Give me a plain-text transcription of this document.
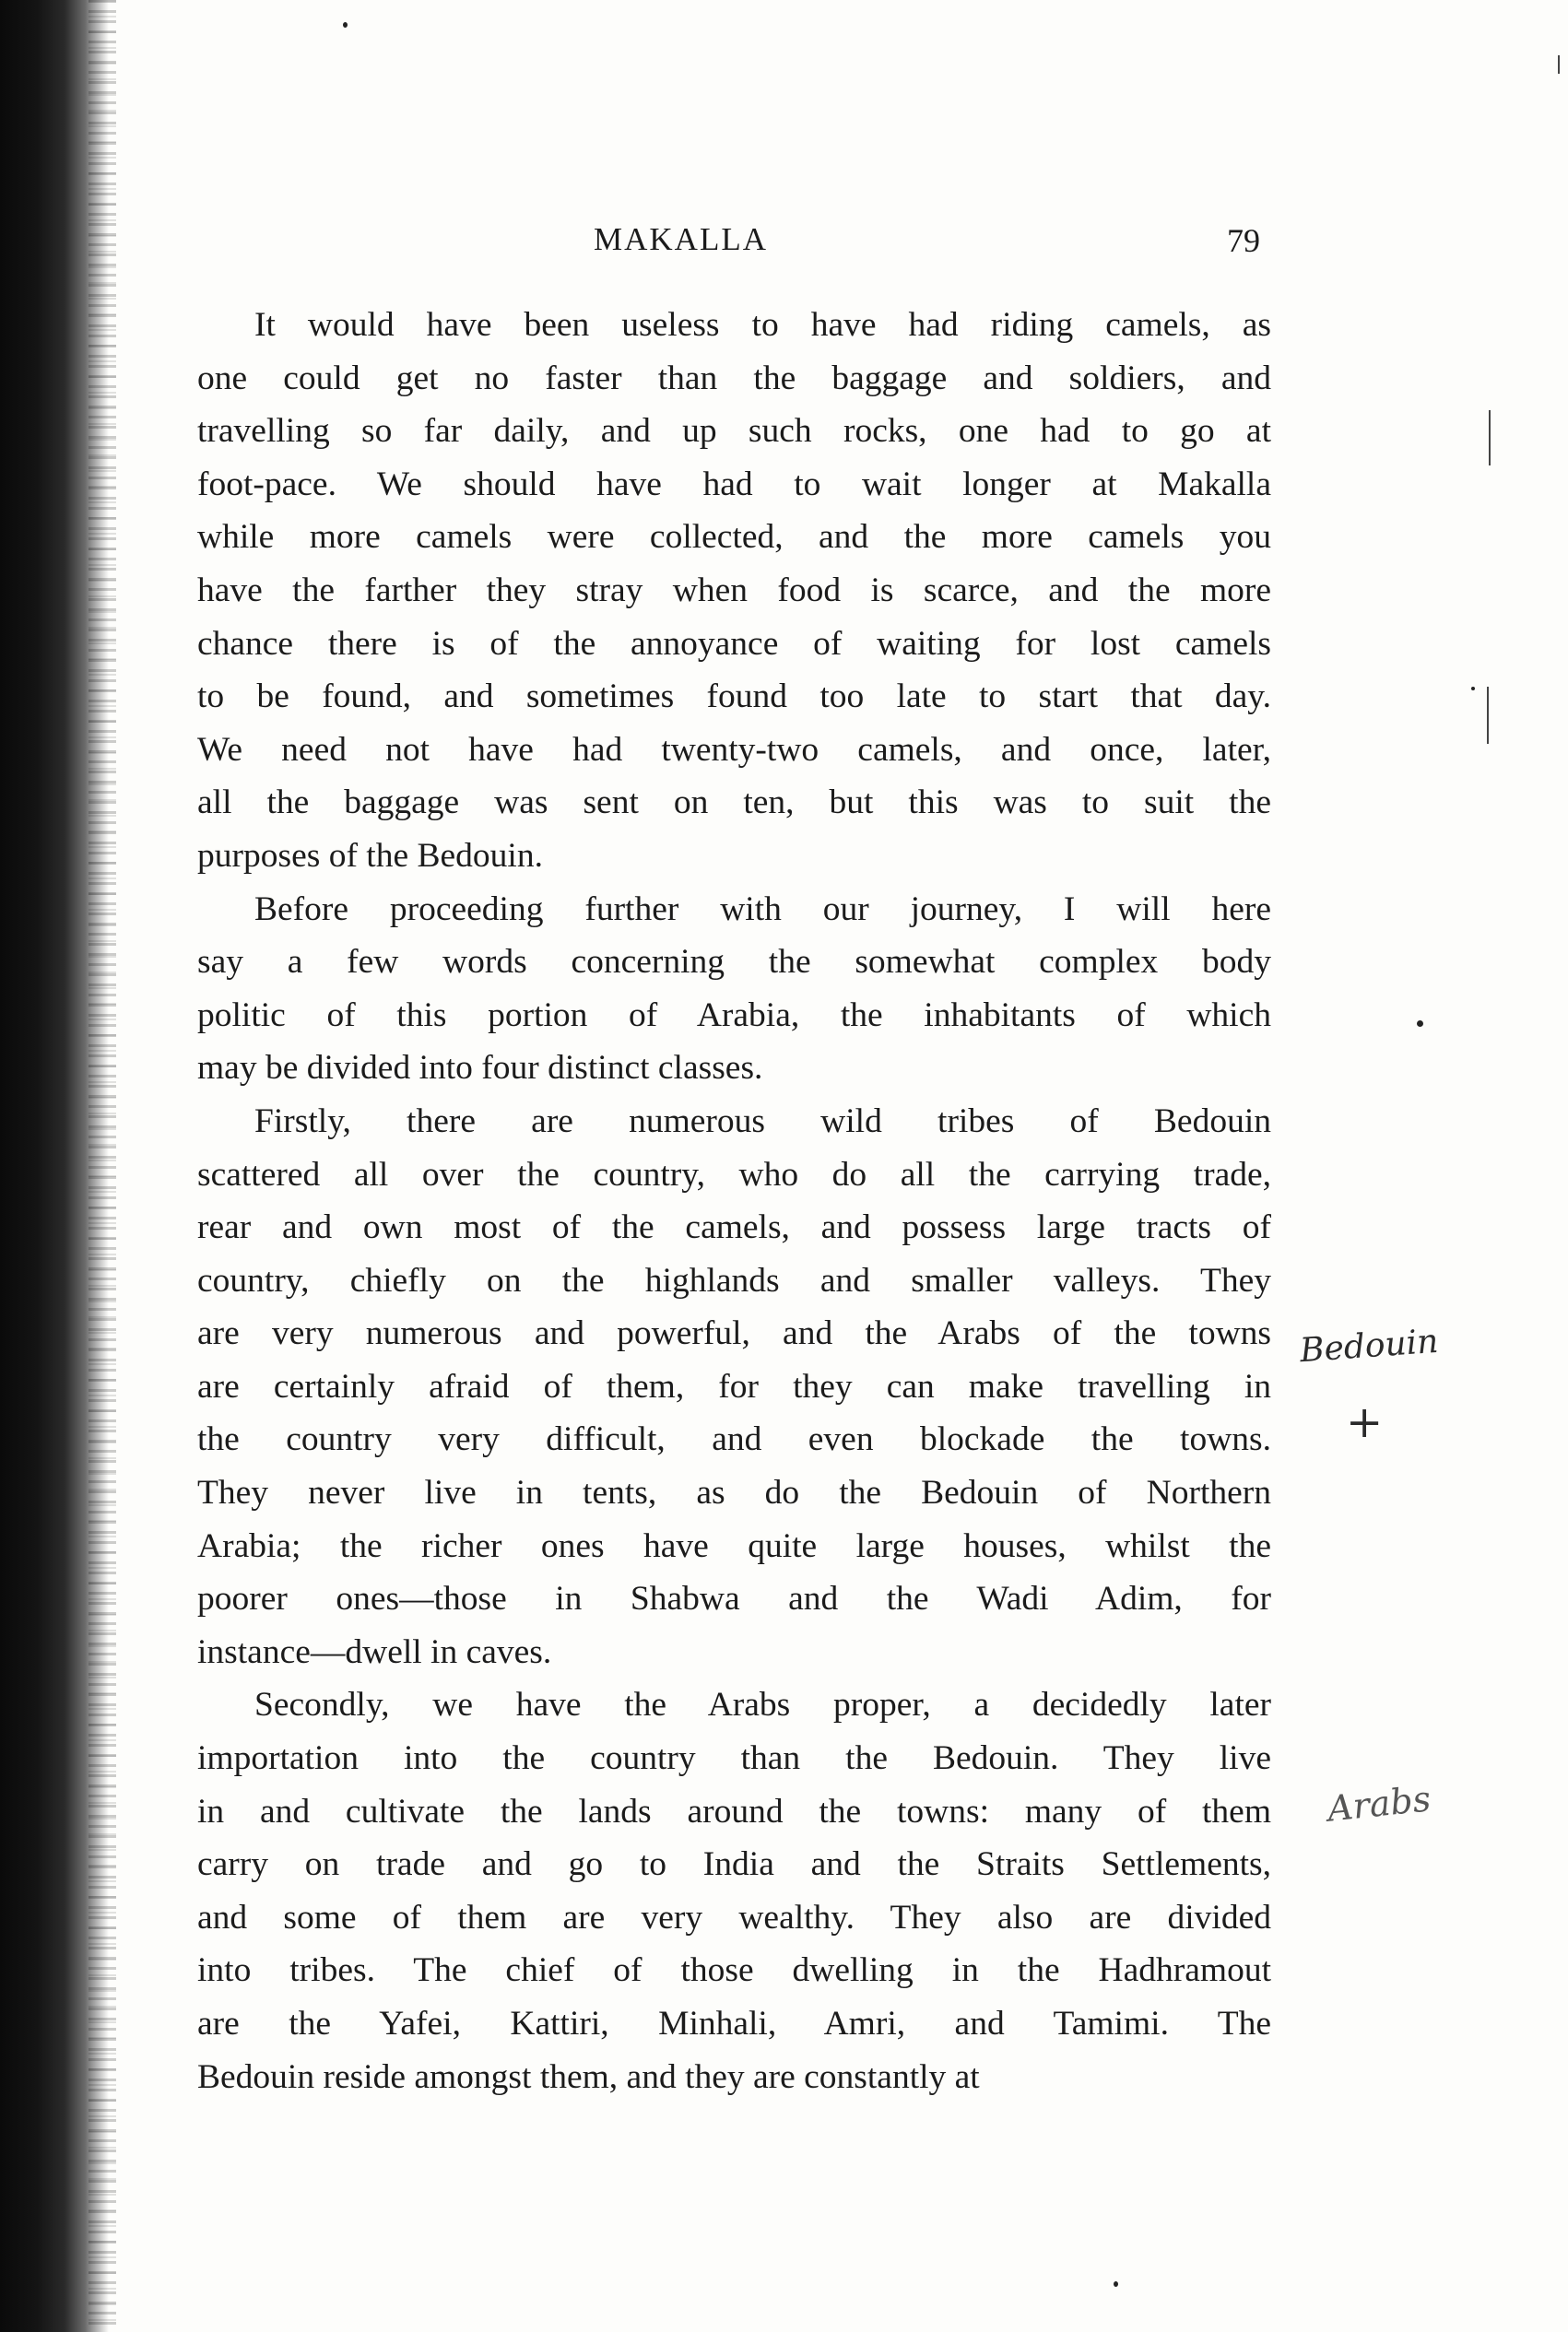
MAKALLA	79
It would have been useless to have had riding camels, as
one could get no faster than the baggage and soldiers, and
travelling so far daily, and up such rocks, one had to go at
foot-pace. We should have had to wait longer at Makalla
while more camels were collected, and the more camels you
have the farther they stray when food is scarce, and the more
chance there is of the annoyance of waiting for lost camels
to be found, and sometimes found too late to start that day.
We need not have had twenty-two camels, and once, later,
all the baggage was sent on ten, but this was to suit the
purposes of the Bedouin.
Before proceeding further with our journey, I will here
say a few words concerning the somewhat complex body
politic of this portion of Arabia, the inhabitants of which
may be divided into four distinct classes.
Firstly, there are numerous wild tribes of Bedouin
scattered all over the country, who do all the carrying trade,
rear and own most of the camels, and possess large tracts of
country, chiefly on the highlands and smaller valleys. They
are very numerous and powerful, and the Arabs of the towns
are certainly afraid of them, for they can make travelling in
the country very difficult, and even blockade the towns.
They never live in tents, as do the Bedouin of Northern
Arabia; the richer ones have quite large houses, whilst the
poorer ones—those in Shabwa and the Wadi Adim, for
instance—dwell in caves.
Secondly, we have the Arabs proper, a decidedly later
importation into the country than the Bedouin. They live
in and cultivate the lands around the towns: many of them
carry on trade and go to India and the Straits Settlements,
and some of them are very wealthy. They also are divided
into tribes. The chief of those dwelling in the Hadhramout
are the Yafei, Kattiri, Minhali, Amri, and Tamimi. The
Bedouin reside amongst them, and they are constantly at
Bedouin
+
Arabs
